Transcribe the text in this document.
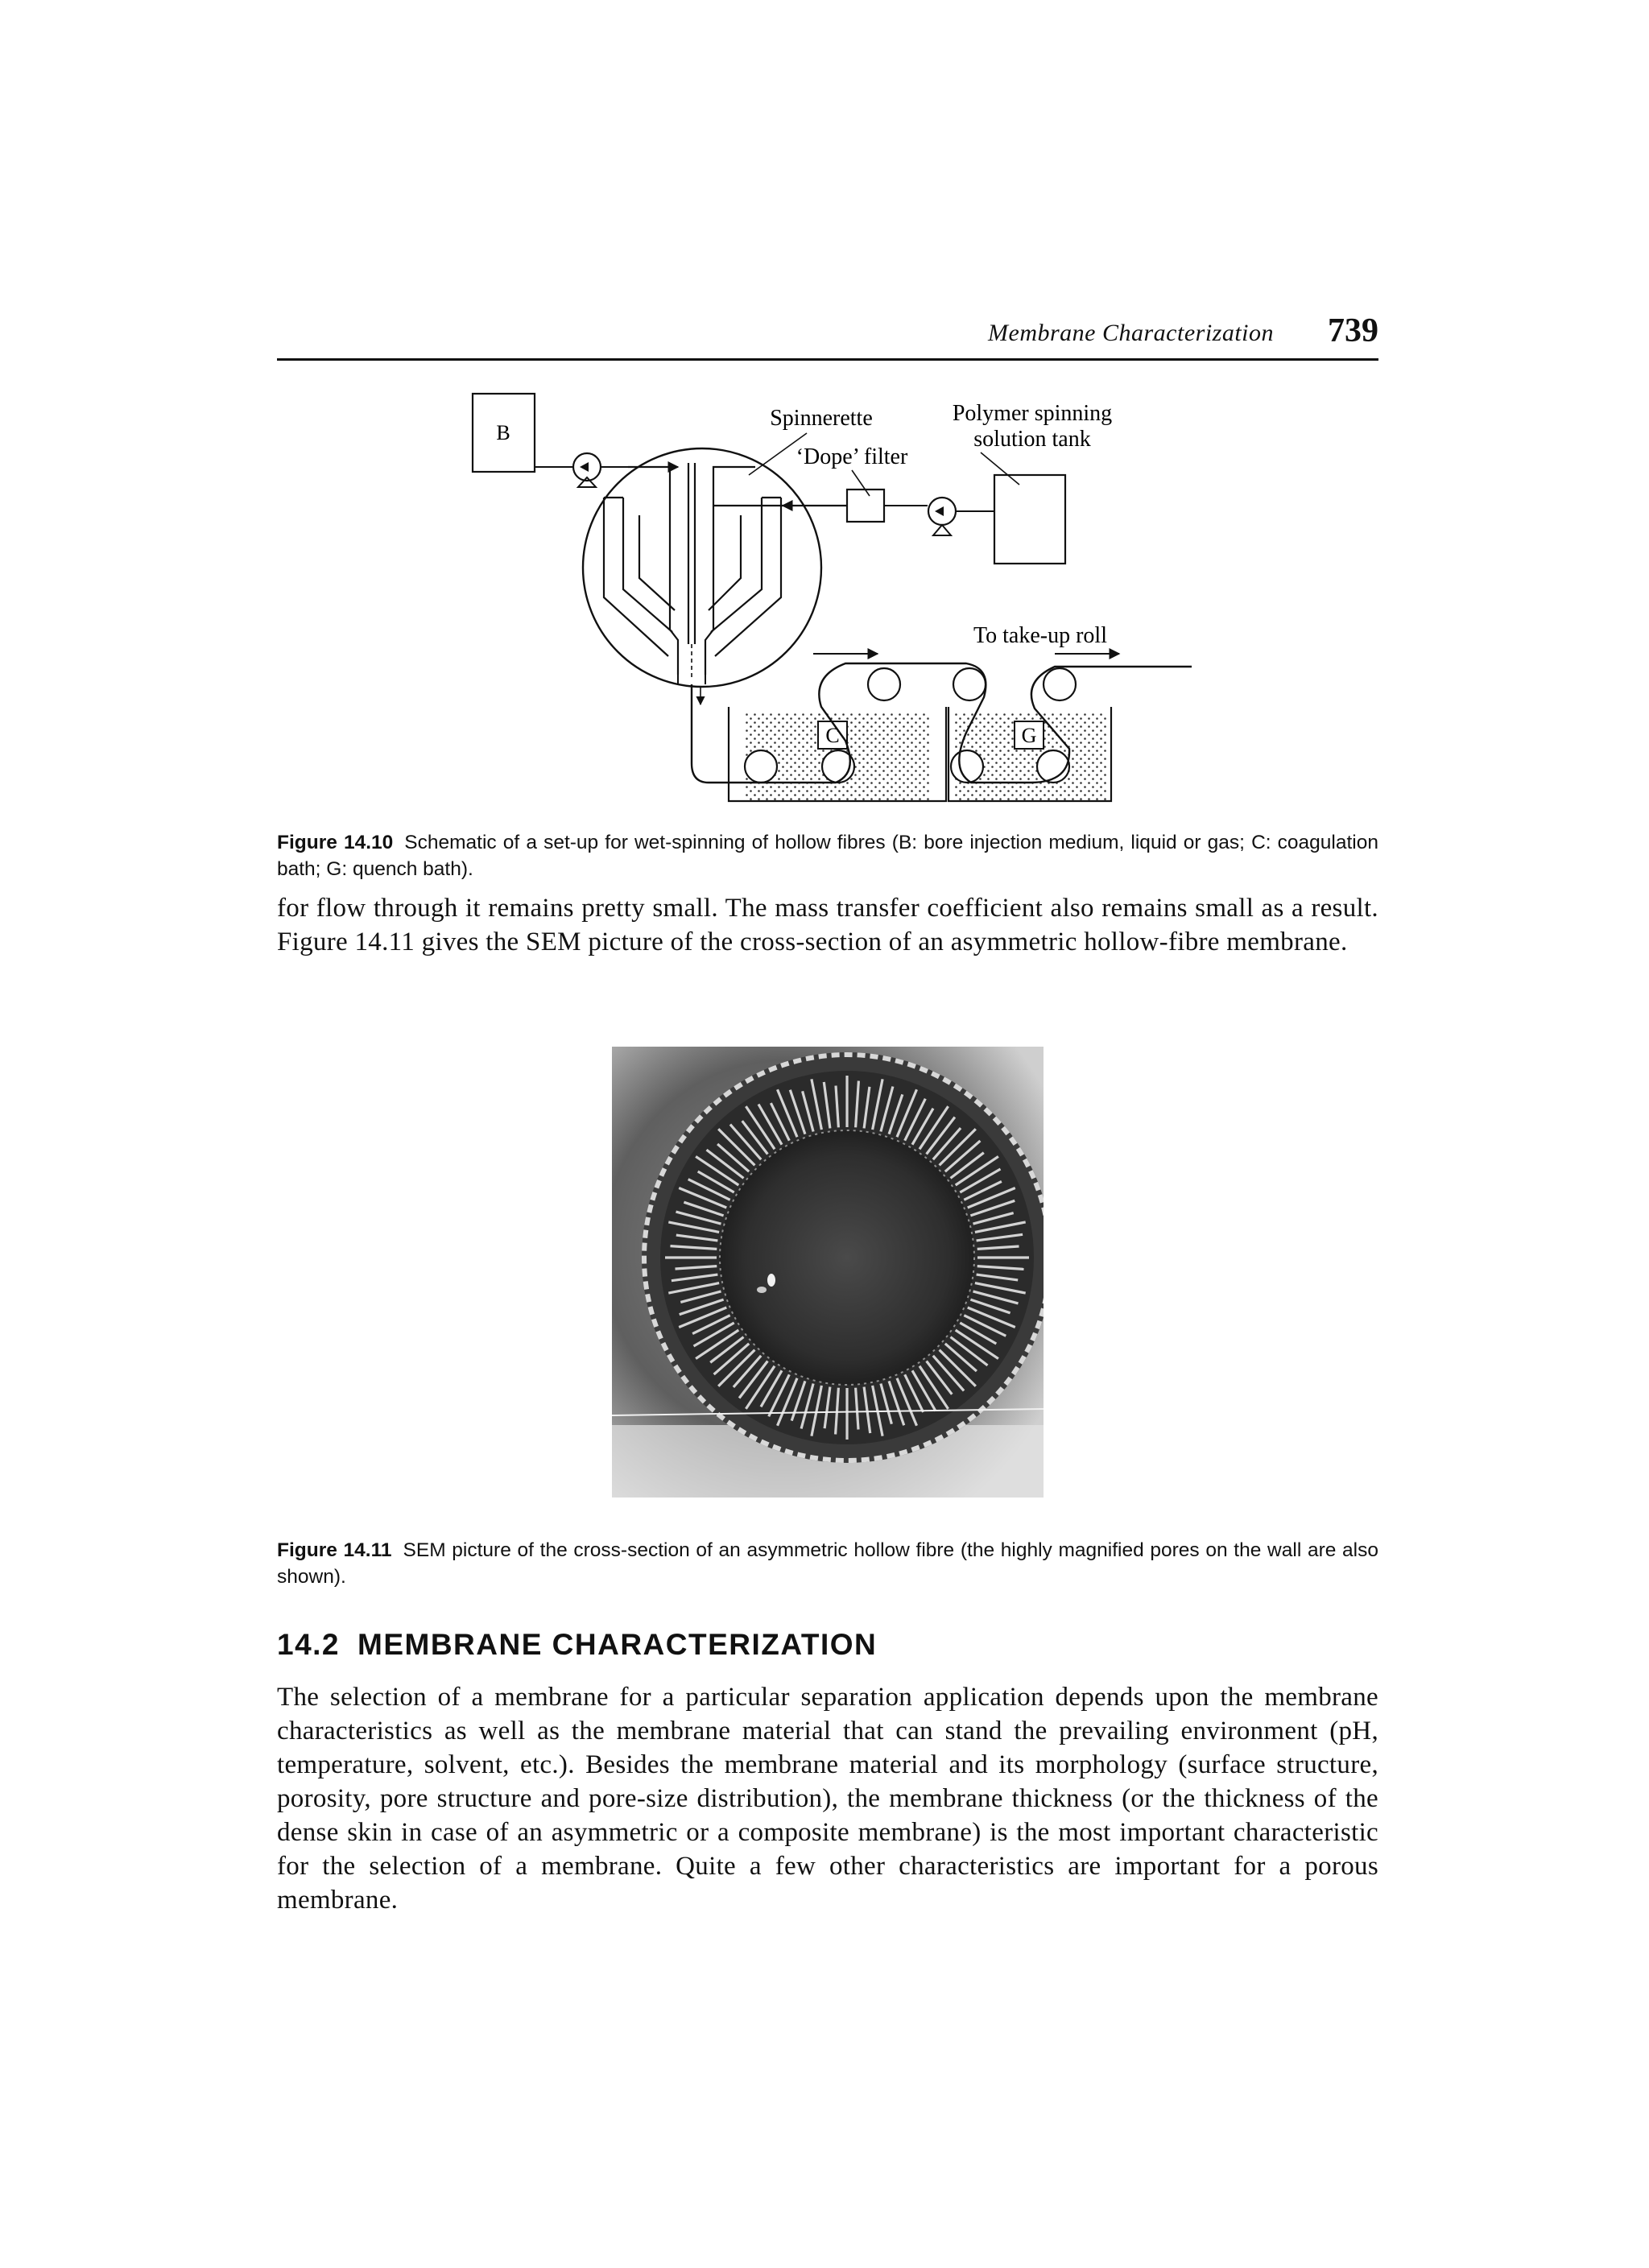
Membrane Characterization 739
B
Spinnerette
‘Dope’ filter
Polymer spinning
solution tank
To take-up roll
C	G
Figure 14.10 Schematic of a set-up for wet-spinning of hollow fibres (B: bore injection medium, liquid or gas; C: coagulation bath; G: quench bath).

for flow through it remains pretty small. The mass transfer coefficient also remains small as a result. Figure 14.11 gives the SEM picture of the cross-section of an asymmetric hollow-fibre membrane.

Figure 14.11 SEM picture of the cross-section of an asymmetric hollow fibre (the highly magnified pores on the wall are also shown).
14.2 MEMBRANE CHARACTERIZATION

The selection of a membrane for a particular separation application depends upon the membrane characteristics as well as the membrane material that can stand the prevailing environment (pH, temperature, solvent, etc.). Besides the membrane material and its morphology (surface structure, porosity, pore structure and pore-size distribution), the membrane thickness (or the thickness of the dense skin in case of an asymmetric or a composite membrane) is the most important characteristic for the selection of a membrane. Quite a few other characteristics are important for a porous membrane.
